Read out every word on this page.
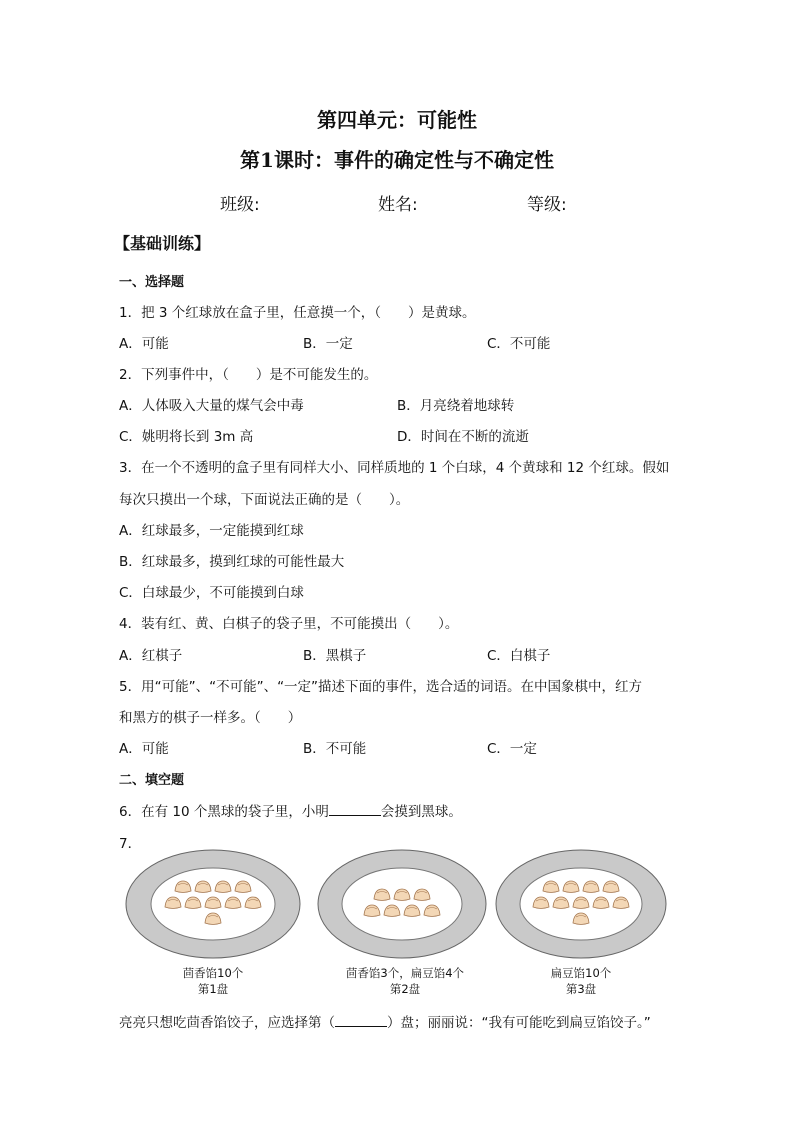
第四单元：可能性
第1课时：事件的确定性与不确定性
班级:	姓名:	等级:
【基础训练】
一、选择题
1．把 3 个红球放在盒子里，任意摸一个，（　　）是黄球。
A．可能	B．一定	C．不可能
2．下列事件中，（　　）是不可能发生的。
A．人体吸入大量的煤气会中毒	B．月亮绕着地球转
C．姚明将长到 3m 高	D．时间在不断的流逝
3．在一个不透明的盒子里有同样大小、同样质地的 1 个白球，4 个黄球和 12 个红球。假如
每次只摸出一个球，下面说法正确的是（　　）。
A．红球最多，一定能摸到红球
B．红球最多，摸到红球的可能性最大
C．白球最少，不可能摸到白球
4．装有红、黄、白棋子的袋子里，不可能摸出（　　）。
A．红棋子	B．黑棋子	C．白棋子
5．用“可能”、“不可能”、“一定”描述下面的事件，选合适的词语。在中国象棋中，红方
和黑方的棋子一样多。（　　）
A．可能	B．不可能	C．一定
二、填空题
6．在有 10 个黑球的袋子里，小明	会摸到黑球。
7．
茴香馅10个
第1盘
茴香馅3个，扁豆馅4个
第2盘
扁豆馅10个
第3盘
亮亮只想吃茴香馅饺子，应选择第（	）盘；丽丽说：“我有可能吃到扁豆馅饺子。”
